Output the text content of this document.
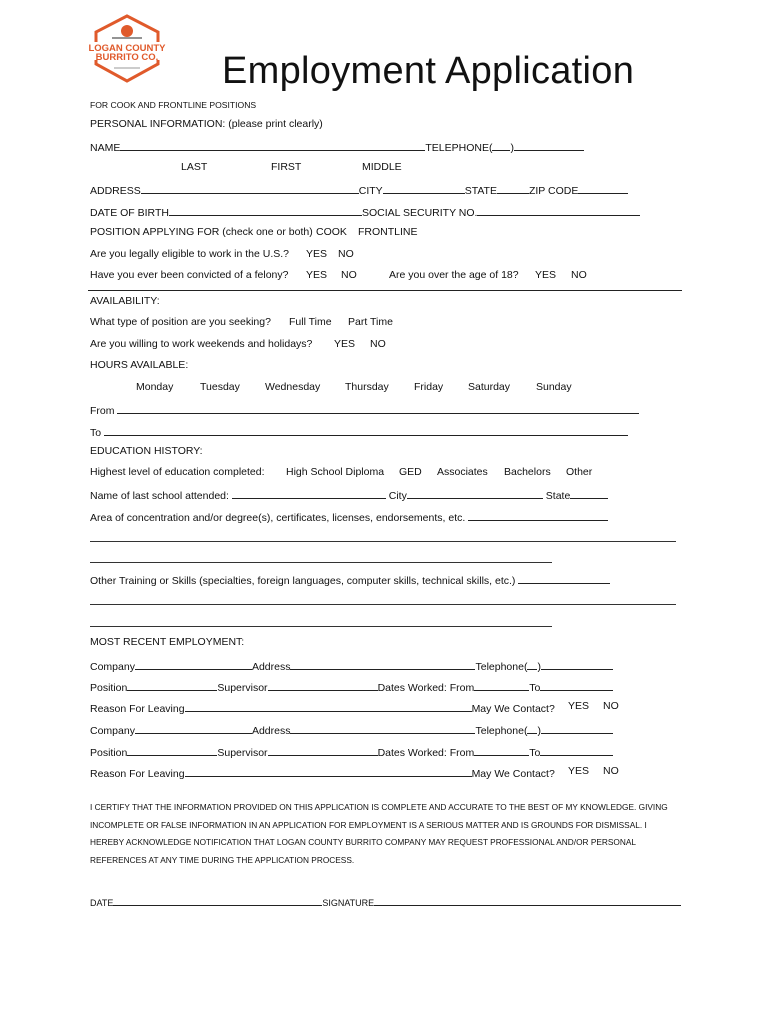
LOGAN COUNTY
BURRITO CO. Employment Application
FOR COOK AND FRONTLINE POSITIONS
PERSONAL INFORMATION: (please print clearly)
NAME	TELEPHONE( )
LAST	FIRST	MIDDLE
ADDRESS	CITY	STATE	ZIP CODE
DATE OF BIRTH	SOCIAL SECURITY NO.
POSITION APPLYING FOR (check one or both) COOK FRONTLINE
Are you legally eligible to work in the U.S.? YES NO
Have you ever been convicted of a felony? YES NO	Are you over the age of 18? YES NO
AVAILABILITY:
What type of position are you seeking? Full Time Part Time
Are you willing to work weekends and holidays? YES NO
HOURS AVAILABLE:
Monday	Tuesday Wednesday Thursday Friday Saturday Sunday
From
To
EDUCATION HISTORY:
Highest level of education completed: High School Diploma GED Associates Bachelors Other
Name of last school attended:	City	State
Area of concentration and/or degree(s), certificates, licenses, endorsements, etc.
Other Training or Skills (specialties, foreign languages, computer skills, technical skills, etc.)
MOST RECENT EMPLOYMENT:
Company	Address	Telephone( )
Position	Supervisor	Dates Worked: From	To
Reason For Leaving	May We Contact? YES NO
Company	Address	Telephone( )
Position	Supervisor	Dates Worked: From	To
Reason For Leaving	May We Contact? YES NO
I CERTIFY THAT THE INFORMATION PROVIDED ON THIS APPLICATION IS COMPLETE AND ACCURATE TO THE BEST OF MY KNOWLEDGE. GIVING INCOMPLETE OR FALSE INFORMATION IN AN APPLICATION FOR EMPLOYMENT IS A SERIOUS MATTER AND IS GROUNDS FOR DISMISSAL. I HEREBY ACKNOWLEDGE NOTIFICATION THAT LOGAN COUNTY BURRITO COMPANY MAY REQUEST PROFESSIONAL AND/OR PERSONAL REFERENCES AT ANY TIME DURING THE APPLICATION PROCESS.
DATE	SIGNATURE
